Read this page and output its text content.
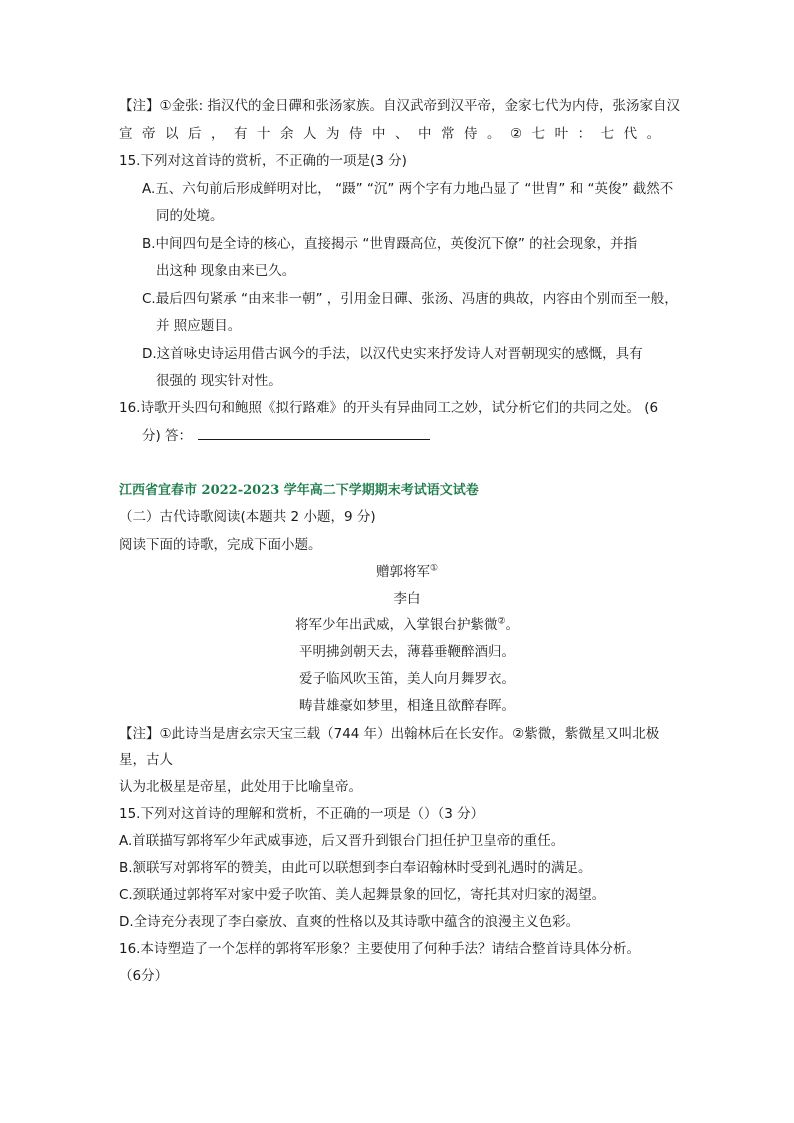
【注】①金张: 指汉代的金日磾和张汤家族。自汉武帝到汉平帝，金家七代为内侍，张汤家自汉
宣帝以后，有十余人为侍中、中常侍。②七叶：七代。
15.下列对这首诗的赏析，不正确的一项是(3 分)
A.五、六句前后形成鲜明对比， “蹑” “沉” 两个字有力地凸显了 “世胄” 和 “英俊” 截然不
同的处境。
B.中间四句是全诗的核心，直接揭示 “世胄蹑高位，英俊沉下僚” 的社会现象，并指
出这种 现象由来已久。
C.最后四句紧承 “由来非一朝” ，引用金日磾、张汤、冯唐的典故，内容由个别而至一般，
并 照应题目。
D.这首咏史诗运用借古讽今的手法，以汉代史实来抒发诗人对晋朝现实的感慨，具有
很强的 现实针对性。
16.诗歌开头四句和鲍照《拟行路难》的开头有异曲同工之妙，试分析它们的共同之处。 (6
分) 答：
江西省宜春市 2022-2023 学年高二下学期期末考试语文试卷
（二）古代诗歌阅读(本题共 2 小题，9 分)
阅读下面的诗歌，完成下面小题。
赠郭将军①
李白
将军少年出武威，入掌银台护紫微②。
平明拂剑朝天去，薄暮垂鞭醉酒归。
爱子临风吹玉笛，美人向月舞罗衣。
畴昔雄豪如梦里，相逢且欲醉春晖。
【注】①此诗当是唐玄宗天宝三载（744 年）出翰林后在长安作。②紫微，紫微星又叫北极
星，古人
认为北极星是帝星，此处用于比喻皇帝。
15.下列对这首诗的理解和赏析，不正确的一项是（）（3 分）
A.首联描写郭将军少年武威事迹，后又晋升到银台门担任护卫皇帝的重任。
B.颔联写对郭将军的赞美，由此可以联想到李白奉诏翰林时受到礼遇时的满足。
C.颈联通过郭将军对家中爱子吹笛、美人起舞景象的回忆，寄托其对归家的渴望。
D.全诗充分表现了李白豪放、直爽的性格以及其诗歌中蕴含的浪漫主义色彩。
16.本诗塑造了一个怎样的郭将军形象？主要使用了何种手法？请结合整首诗具体分析。
（6分）
